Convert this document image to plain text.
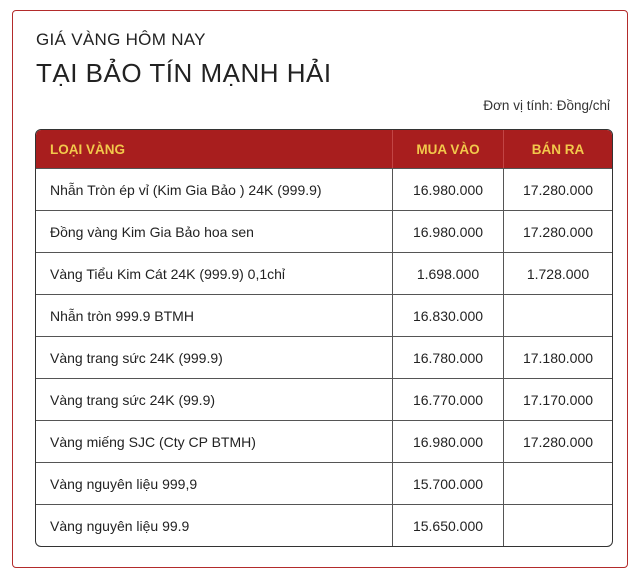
GIÁ VÀNG HÔM NAY
TẠI BẢO TÍN MẠNH HẢI
Đơn vị tính: Đồng/chỉ
LOẠI VÀNG	MUA VÀO	BÁN RA
Nhẫn Tròn ép vỉ (Kim Gia Bảo ) 24K (999.9)	16.980.000	17.280.000
Đồng vàng Kim Gia Bảo hoa sen	16.980.000	17.280.000
Vàng Tiểu Kim Cát 24K (999.9) 0,1chỉ	1.698.000	1.728.000
Nhẫn tròn 999.9 BTMH	16.830.000
Vàng trang sức 24K (999.9)	16.780.000	17.180.000
Vàng trang sức 24K (99.9)	16.770.000	17.170.000
Vàng miếng SJC (Cty CP BTMH)	16.980.000	17.280.000
Vàng nguyên liệu 999,9	15.700.000
Vàng nguyên liệu 99.9	15.650.000
